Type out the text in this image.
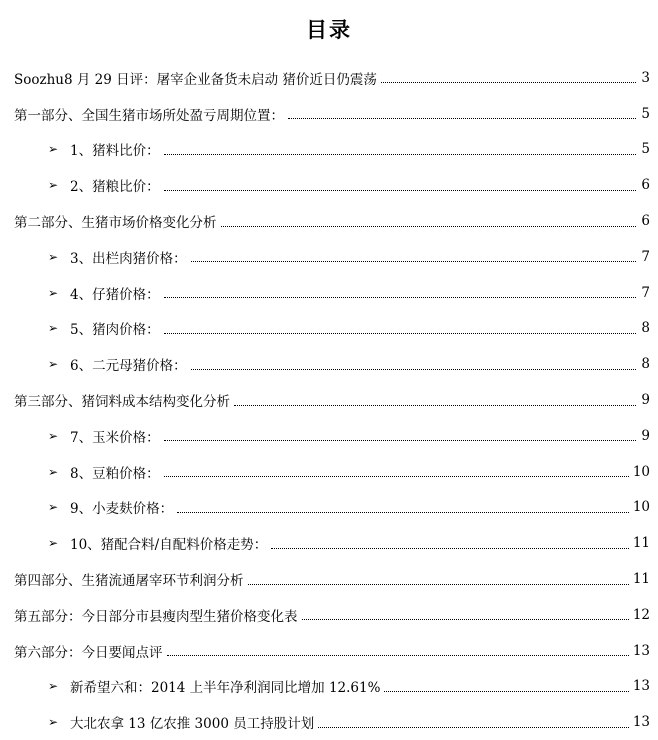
目录
Soozhu8 月 29 日评：屠宰企业备货未启动 猪价近日仍震荡	3
第一部分、全国生猪市场所处盈亏周期位置：	5
➢ 1、猪料比价：	5
➢ 2、猪粮比价：	6
第二部分、生猪市场价格变化分析	6
➢ 3、出栏肉猪价格：	7
➢ 4、仔猪价格：	7
➢ 5、猪肉价格：	8
➢ 6、二元母猪价格：	8
第三部分、猪饲料成本结构变化分析	9
➢ 7、玉米价格：	9
➢ 8、豆粕价格：	10
➢ 9、小麦麸价格：	10
➢ 10、猪配合料/自配料价格走势：	11
第四部分、生猪流通屠宰环节利润分析	11
第五部分：今日部分市县瘦肉型生猪价格变化表	12
第六部分：今日要闻点评	13
➢ 新希望六和：2014 上半年净利润同比增加 12.61%	13
➢ 大北农拿 13 亿农推 3000 员工持股计划	13
